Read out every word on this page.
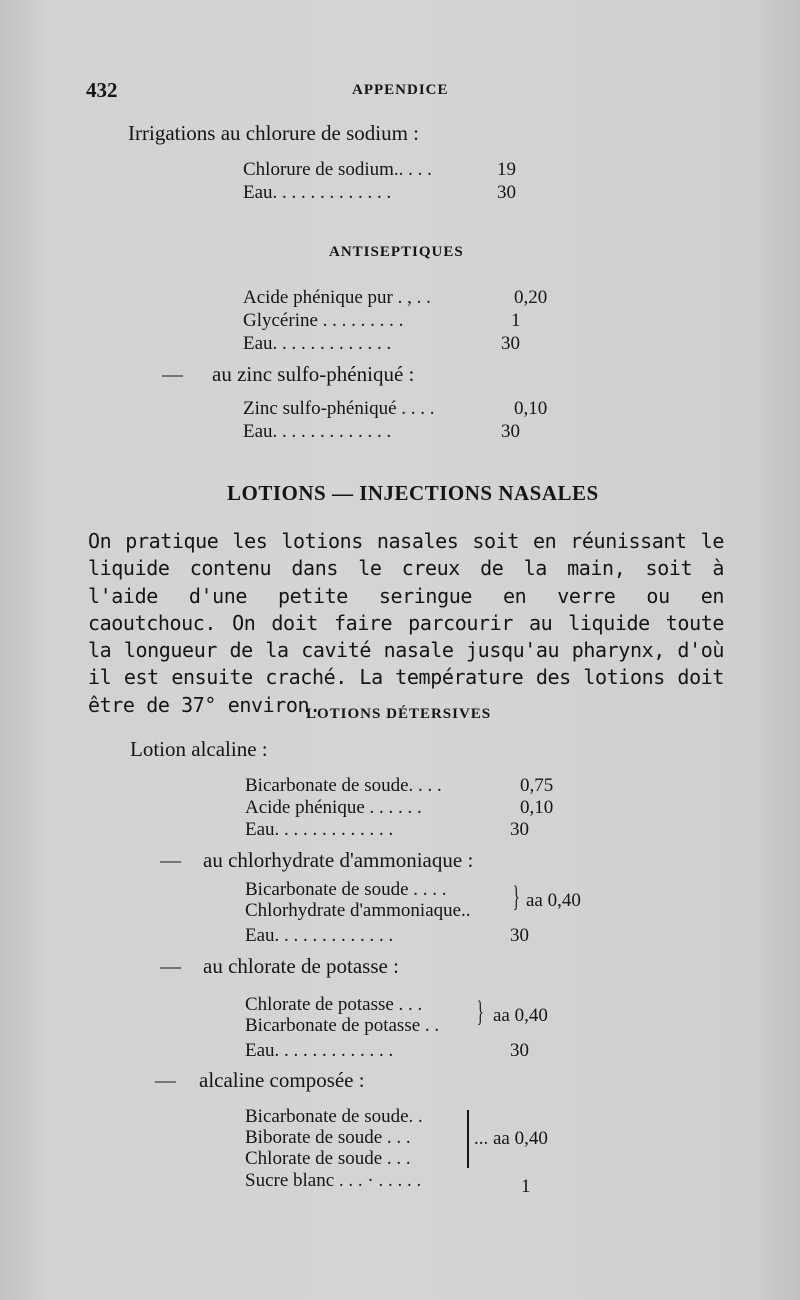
432	APPENDICE
Irrigations au chlorure de sodium :
Chlorure de sodium.. . . .	19
Eau. . . . . . . . . . . . .	30
ANTISEPTIQUES
Acide phénique pur . , . .	0,20
Glycérine . . . . . . . . .	1
Eau. . . . . . . . . . . . .	30
— au zinc sulfo-phéniqué :
Zinc sulfo-phéniqué . . . .	0,10
Eau. . . . . . . . . . . . .	30
LOTIONS — INJECTIONS NASALES
On pratique les lotions nasales soit en réunissant le liquide contenu dans le creux de la main, soit à l'aide d'une petite seringue en verre ou en caoutchouc. On doit faire parcourir au liquide toute la longueur de la cavité nasale jusqu'au pharynx, d'où il est ensuite craché. La température des lotions doit être de 37° environ.
LOTIONS DÉTERSIVES
Lotion alcaline :
Bicarbonate de soude. . . .	0,75
Acide phénique . . . . . .	0,10
Eau. . . . . . . . . . . . .	30
— au chlorhydrate d'ammoniaque :
Bicarbonate de soude . . . .
Chlorhydrate d'ammoniaque.. } aa 0,40
Eau. . . . . . . . . . . . .	30
— au chlorate de potasse :
Chlorate de potasse . . .
Bicarbonate de potasse . . } aa 0,40
Eau. . . . . . . . . . . . .	30
— alcaline composée :
Bicarbonate de soude. .
Biborate de soude . . .
Chlorate de soude . . .
... aa 0,40
Sucre blanc . . . · . . . . .	1
